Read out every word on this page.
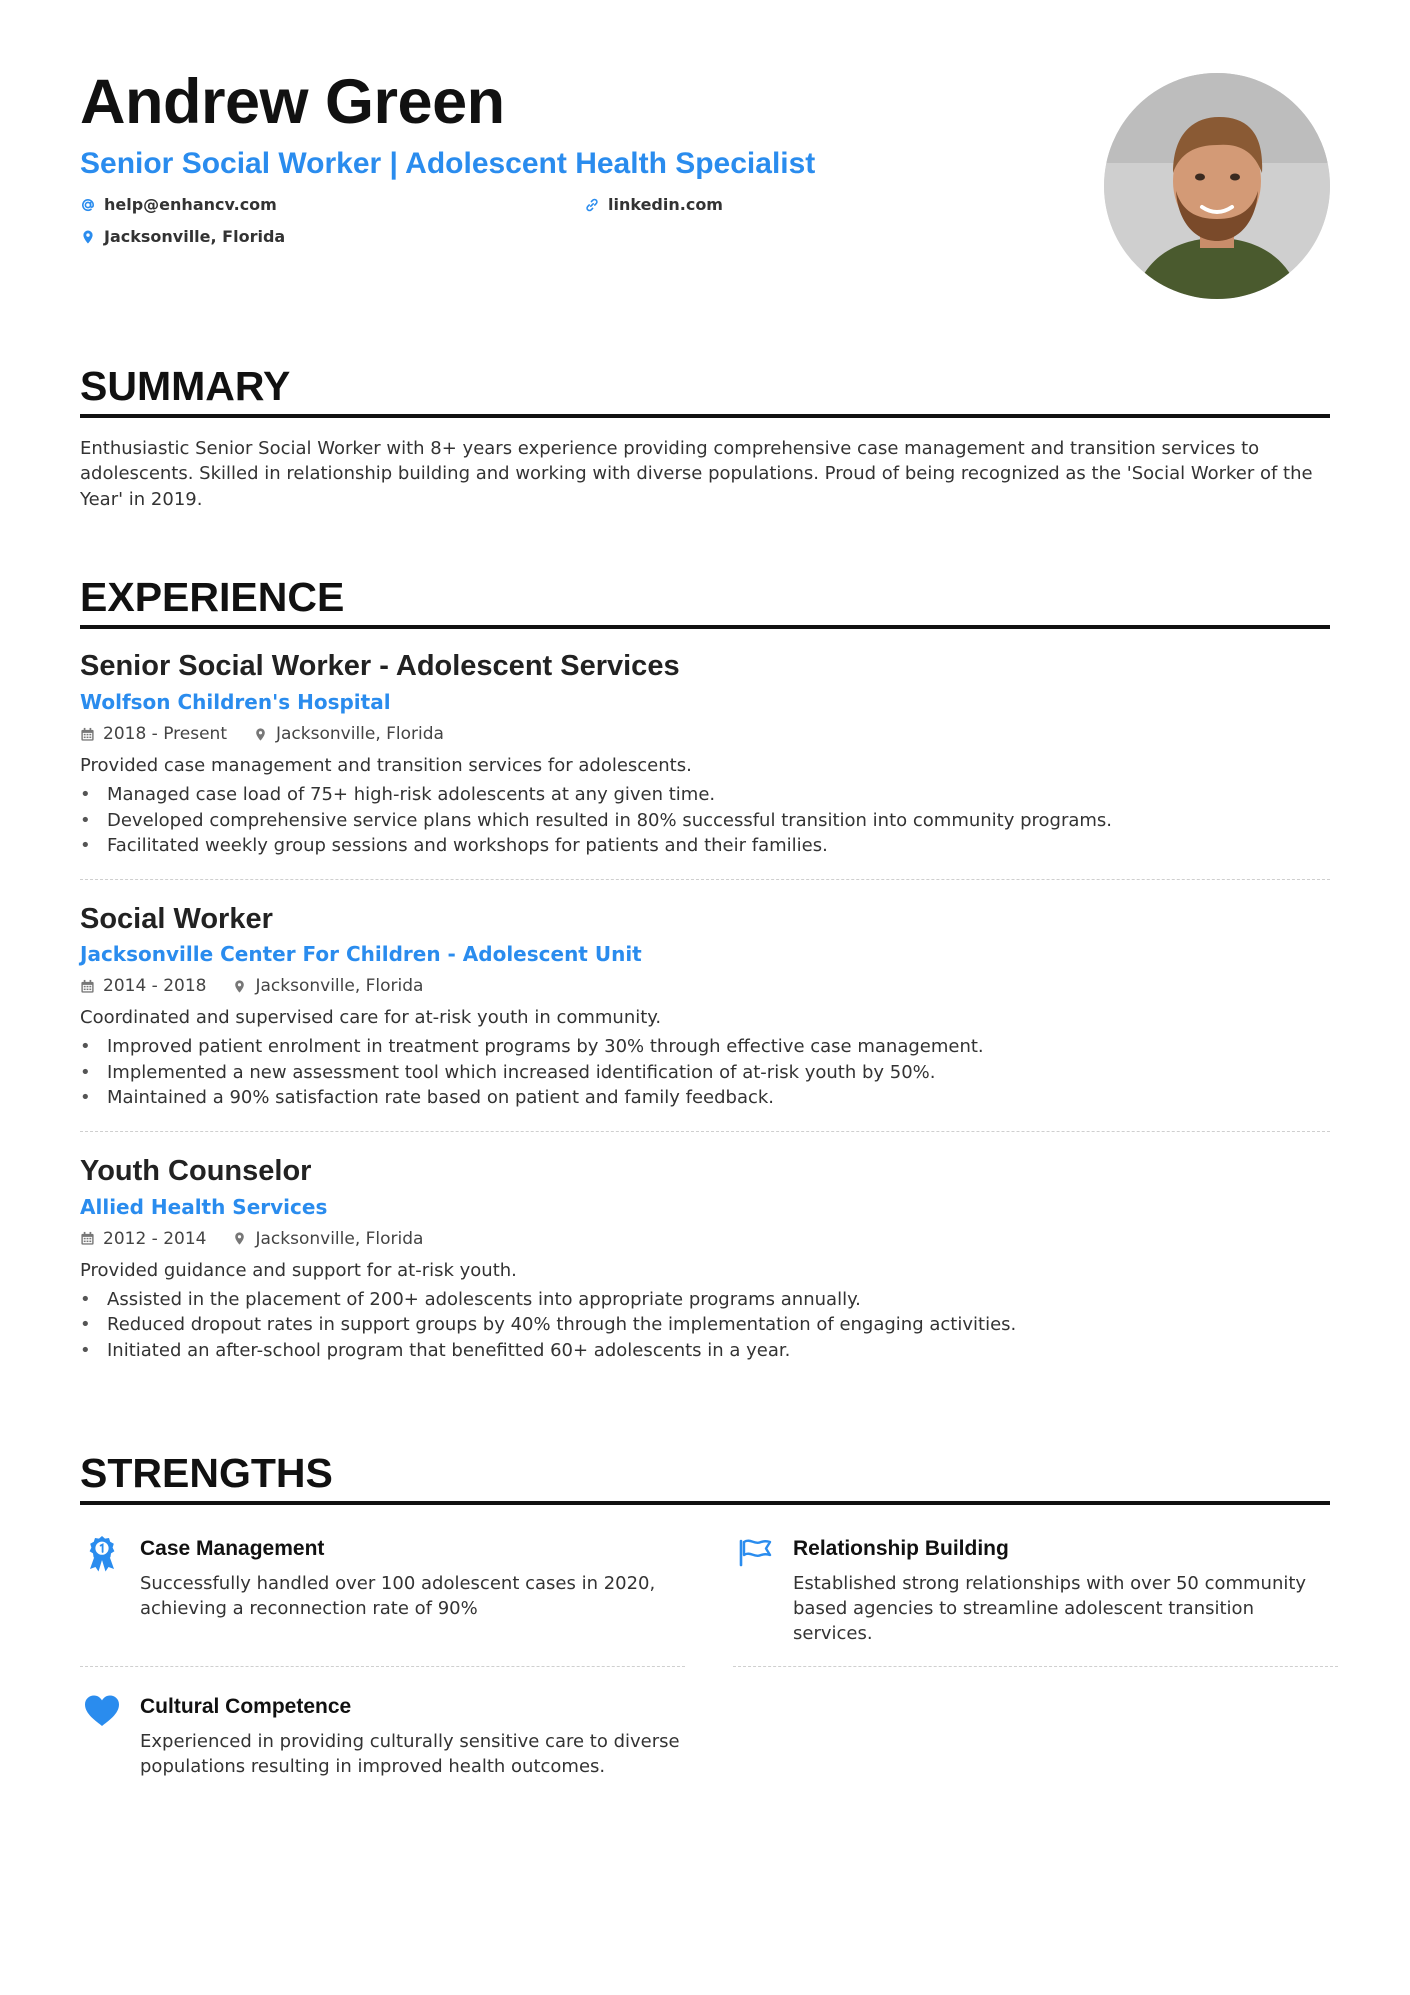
Andrew Green
Senior Social Worker | Adolescent Health Specialist
help@enhancv.com	linkedin.com
Jacksonville, Florida
SUMMARY

Enthusiastic Senior Social Worker with 8+ years experience providing comprehensive case management and transition services to adolescents. Skilled in relationship building and working with diverse populations. Proud of being recognized as the 'Social Worker of the Year' in 2019.

EXPERIENCE
Senior Social Worker - Adolescent Services

Wolfson Children's Hospital

2018 - Present	Jacksonville, Florida

Provided case management and transition services for adolescents.

• Managed case load of 75+ high-risk adolescents at any given time.
• Developed comprehensive service plans which resulted in 80% successful transition into community programs.
• Facilitated weekly group sessions and workshops for patients and their families.
Social Worker

Jacksonville Center For Children - Adolescent Unit

2014 - 2018	Jacksonville, Florida

Coordinated and supervised care for at-risk youth in community.

• Improved patient enrolment in treatment programs by 30% through effective case management.
• Implemented a new assessment tool which increased identification of at-risk youth by 50%.
• Maintained a 90% satisfaction rate based on patient and family feedback.
Youth Counselor

Allied Health Services

2012 - 2014	Jacksonville, Florida

Provided guidance and support for at-risk youth.

• Assisted in the placement of 200+ adolescents into appropriate programs annually.
• Reduced dropout rates in support groups by 40% through the implementation of engaging activities.
• Initiated an after-school program that benefitted 60+ adolescents in a year.
STRENGTHS

Case Management

Successfully handled over 100 adolescent cases in 2020, achieving a reconnection rate of 90%

Relationship Building

Established strong relationships with over 50 community based agencies to streamline adolescent transition services.

Cultural Competence

Experienced in providing culturally sensitive care to diverse populations resulting in improved health outcomes.
